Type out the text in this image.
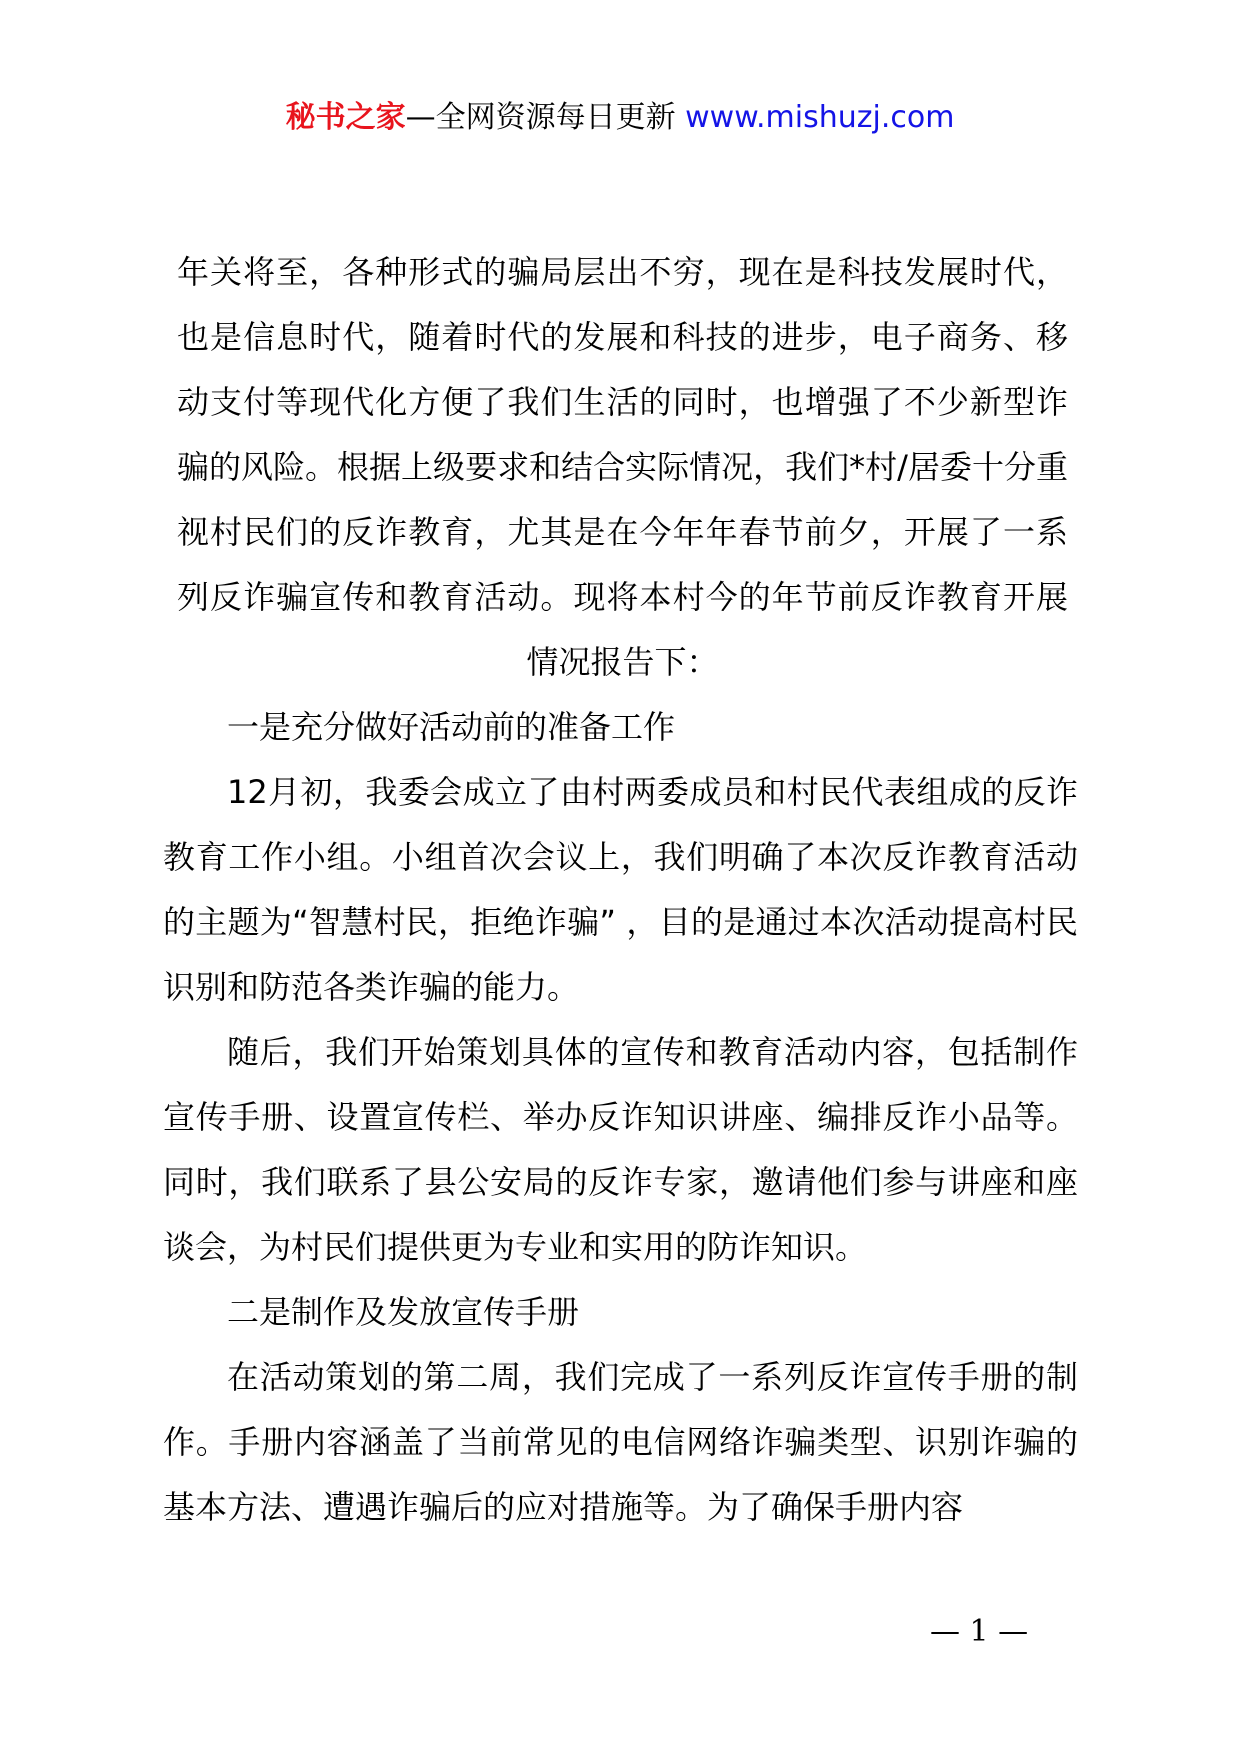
秘书之家—全网资源每日更新 www.mishuzj.com

年关将至，各种形式的骗局层出不穷，现在是科技发展时代，也是信息时代，随着时代的发展和科技的进步，电子商务、移动支付等现代化方便了我们生活的同时，也增强了不少新型诈骗的风险。根据上级要求和结合实际情况，我们*村/居委十分重视村民们的反诈教育，尤其是在今年年春节前夕，开展了一系列反诈骗宣传和教育活动。现将本村今的年节前反诈教育开展情况报告下：

一是充分做好活动前的准备工作

12月初，我委会成立了由村两委成员和村民代表组成的反诈教育工作小组。小组首次会议上，我们明确了本次反诈教育活动的主题为“智慧村民，拒绝诈骗” ，目的是通过本次活动提高村民识别和防范各类诈骗的能力。

随后，我们开始策划具体的宣传和教育活动内容，包括制作宣传手册、设置宣传栏、举办反诈知识讲座、编排反诈小品等。同时，我们联系了县公安局的反诈专家，邀请他们参与讲座和座谈会，为村民们提供更为专业和实用的防诈知识。

二是制作及发放宣传手册

在活动策划的第二周，我们完成了一系列反诈宣传手册的制作。手册内容涵盖了当前常见的电信网络诈骗类型、识别诈骗的基本方法、遭遇诈骗后的应对措施等。为了确保手册内容

— 1 —
